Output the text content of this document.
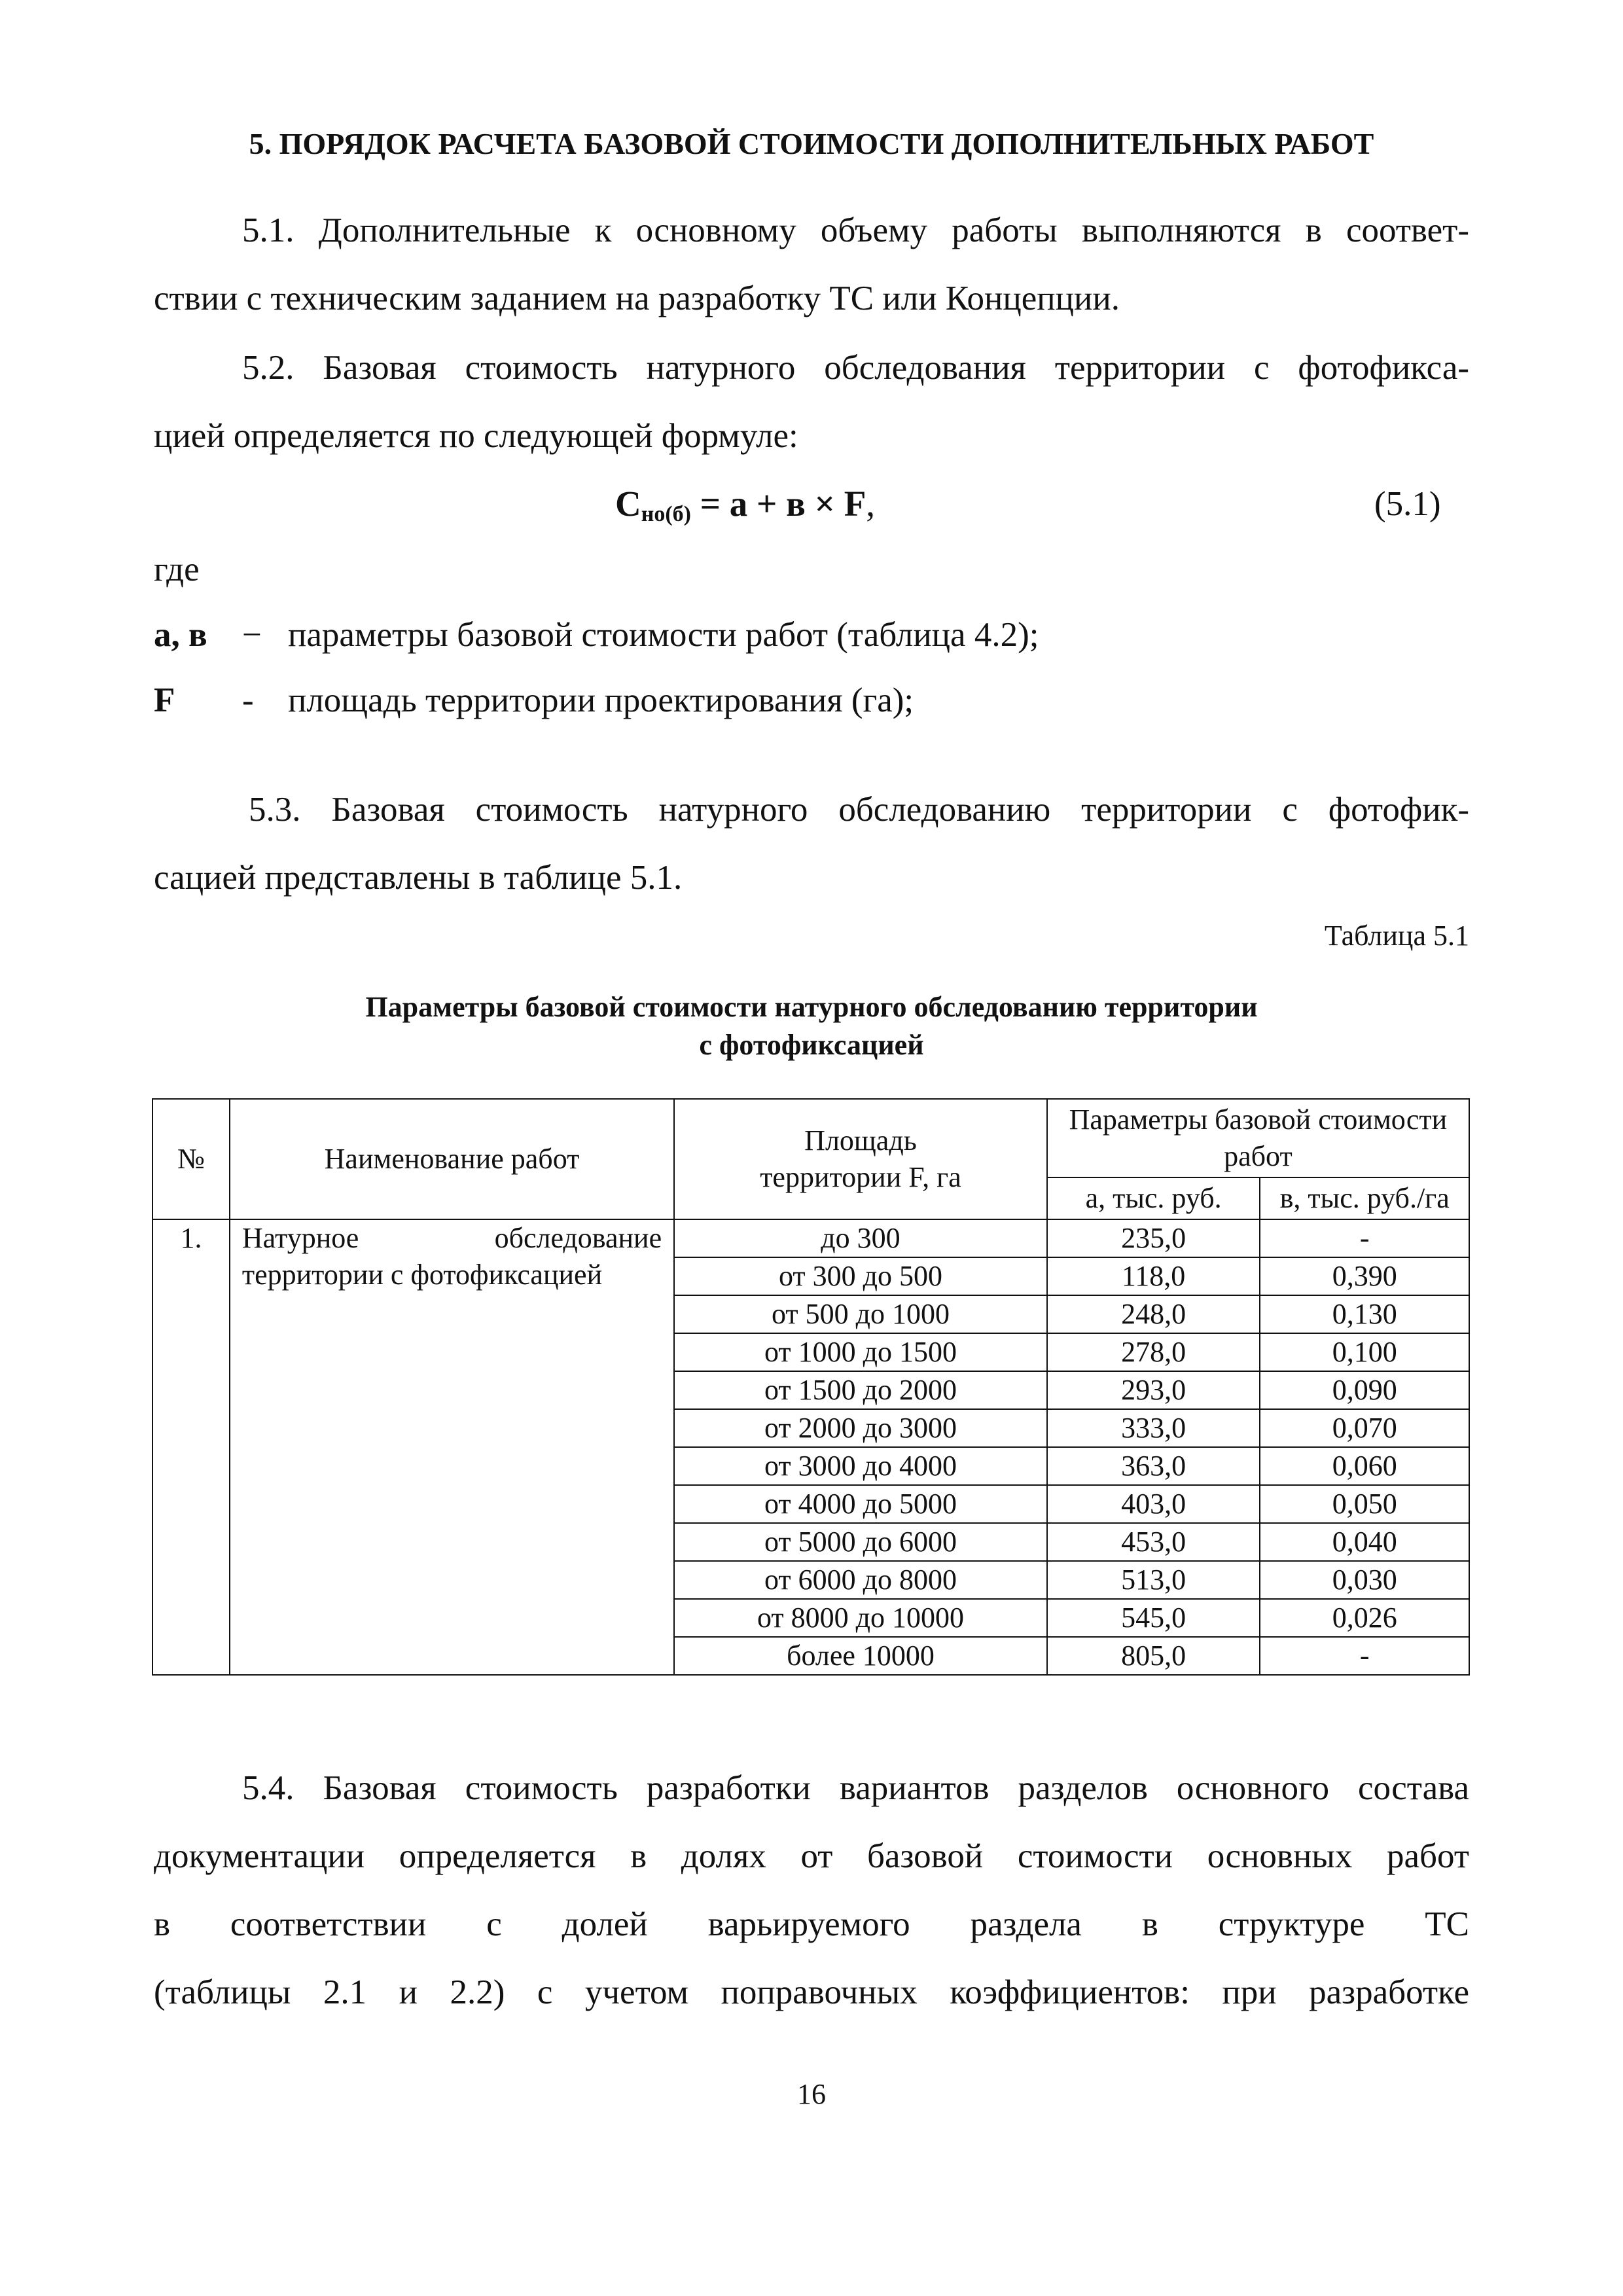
5. ПОРЯДОК РАСЧЕТА БАЗОВОЙ СТОИМОСТИ ДОПОЛНИТЕЛЬНЫХ РАБОТ
5.1. Дополнительные к основному объему работы выполняются в соответ-
ствии с техническим заданием на разработку ТС или Концепции.
5.2. Базовая стоимость натурного обследования территории с фотофикса-
цией определяется по следующей формуле:
$С_{но(б)} = а + в \times F$,	(5.1)
где
а, в − параметры базовой стоимости работ (таблица 4.2);
F - площадь территории проектирования (га);
5.3. Базовая стоимость натурного обследованию территории с фотофик-
сацией представлены в таблице 5.1.
Таблица 5.1
Параметры базовой стоимости натурного обследованию территории
с фотофиксацией
№	Наименование работ	Площадь территории F, га	Параметры базовой стоимости работ	
			а, тыс. руб.	в, тыс. руб./га
1.	Натурное обследование территории с фотофиксацией	до 300	235,0	-
		от 300 до 500	118,0	0,390
		от 500 до 1000	248,0	0,130
		от 1000 до 1500	278,0	0,100
		от 1500 до 2000	293,0	0,090
		от 2000 до 3000	333,0	0,070
		от 3000 до 4000	363,0	0,060
		от 4000 до 5000	403,0	0,050
		от 5000 до 6000	453,0	0,040
		от 6000 до 8000	513,0	0,030
		от 8000 до 10000	545,0	0,026
		более 10000	805,0	-
5.4. Базовая стоимость разработки вариантов разделов основного состава
документации определяется в долях от базовой стоимости основных работ
в соответствии с долей варьируемого раздела в структуре ТС
(таблицы 2.1 и 2.2) с учетом поправочных коэффициентов: при разработке
16
